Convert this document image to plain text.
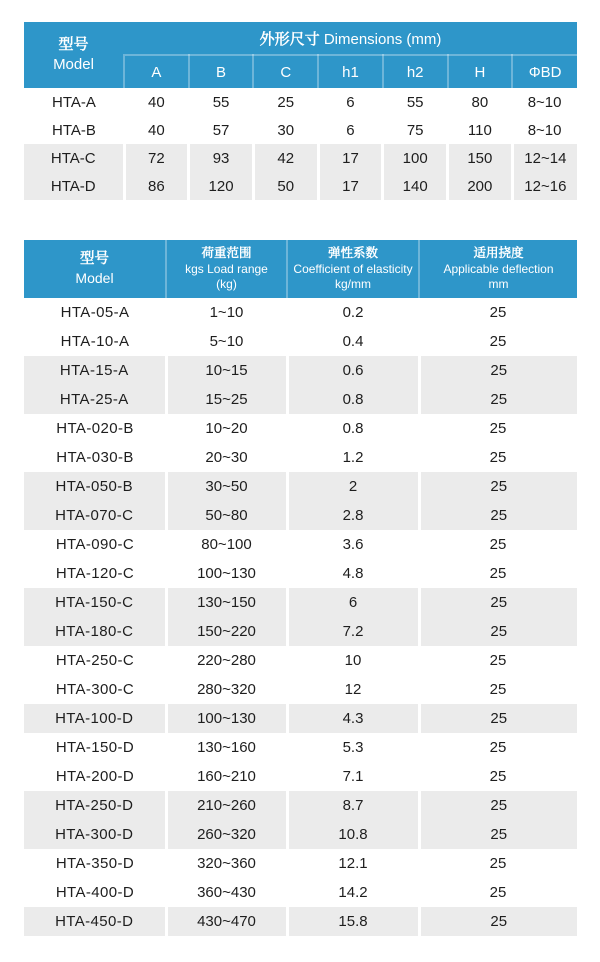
型号
Model	外形尺寸 Dimensions (mm)						
	A	B	C	h1	h2	H	ΦBD
HTA-A	40	55	25	6	55	80	8~10
HTA-B	40	57	30	6	75	110	8~10
HTA-C	72	93	42	17	100	150	12~14
HTA-D	86	120	50	17	140	200	12~16
型号
Model

荷重范围
kgs Load range
(kg)

弹性系数
Coefficient of elasticity
kg/mm

适用挠度
Applicable deflection
mm

HTA-05-A	1~10	0.2	25
HTA-10-A	5~10	0.4	25
HTA-15-A	10~15	0.6	25
HTA-25-A	15~25	0.8	25
HTA-020-B	10~20	0.8	25
HTA-030-B	20~30	1.2	25
HTA-050-B	30~50	2	25
HTA-070-C	50~80	2.8	25
HTA-090-C	80~100	3.6	25
HTA-120-C	100~130	4.8	25
HTA-150-C	130~150	6	25
HTA-180-C	150~220	7.2	25
HTA-250-C	220~280	10	25
HTA-300-C	280~320	12	25
HTA-100-D	100~130	4.3	25
HTA-150-D	130~160	5.3	25
HTA-200-D	160~210	7.1	25
HTA-250-D	210~260	8.7	25
HTA-300-D	260~320	10.8	25
HTA-350-D	320~360	12.1	25
HTA-400-D	360~430	14.2	25
HTA-450-D	430~470	15.8	25
